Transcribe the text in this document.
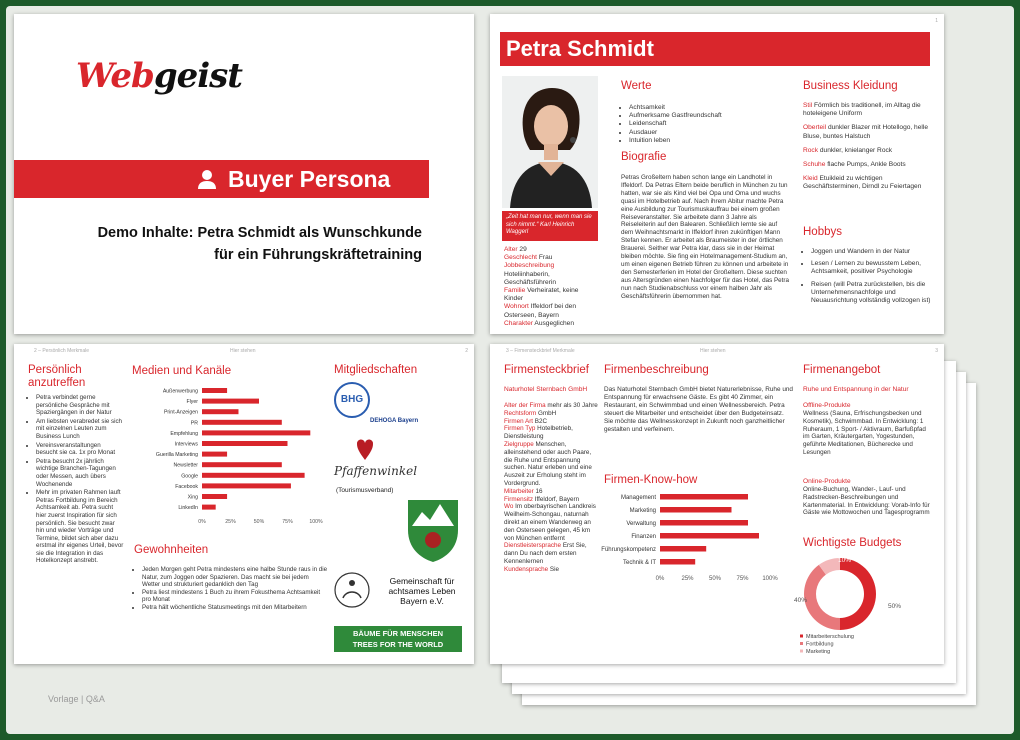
Webgeist
Buyer Persona
Demo Inhalte: Petra Schmidt als Wunschkunde
für ein Führungskräftetraining
1
Petra Schmidt
„Zeit hat man nur, wenn man sie sich nimmt.“ Karl Heinrich Waggerl
Alter 29
Geschlecht Frau
Jobbeschreibung Hoteliinhaberin, Geschäftsführerin
Familie Verheiratet, keine Kinder
Wohnort Iffeldorf bei den Osterseen, Bayern
Charakter Ausgeglichen
Werte
• Achtsamkeit
• Aufmerksame Gastfreundschaft
• Leidenschaft
• Ausdauer
• Intuition leben
Biografie
Petras Großeltern haben schon lange ein Landhotel in Iffeldorf. Da Petras Eltern beide beruflich in München zu tun hatten, war sie als Kind viel bei Opa und Oma und wuchs quasi im Hotelbetrieb auf. Nach ihrem Abitur machte Petra eine Ausbildung zur Tourismuskauffrau bei einem großen Reiseveranstalter. Sie arbeitete dann 3 Jahre als Reiseleiterin auf den Balearen. Schließlich lernte sie auf dem Weihnachtsmarkt in Iffeldorf ihren zukünftigen Mann Stefan kennen. Er arbeitet als Braumeister in der örtlichen Brauerei. Seither war Petra klar, dass sie in der Heimat bleiben möchte. Sie fing ein Hotelmanagement-Studium an, um einen eigenen Betrieb führen zu können und arbeitete in den Semesterferien im Hotel der Großeltern. Diese suchten aus Altersgründen einen Nachfolger für das Hotel, das Petra nun nach Studienabschluss vor einem halben Jahr als Geschäftsführerin übernommen hat.
Business Kleidung
Stil Förmlich bis traditionell, im Alltag die hoteleigene Uniform
Oberteil dunkler Blazer mit Hotellogo, helle Bluse, buntes Halstuch
Rock dunkler, knielanger Rock
Schuhe flache Pumps, Ankle Boots
Kleid Etuikleid zu wichtigen Geschäftsterminen, Dirndl zu Feiertagen
Hobbys
• Joggen und Wandern in der Natur
• Lesen / Lernen zu bewusstem Leben, Achtsamkeit, positiver Psychologie
• Reisen (will Petra zurückstellen, bis die Unternehmensnachfolge und Neuausrichtung vollständig vollzogen ist)
2 – Persönlich Merkmale	Hier stehen	2
Persönlich anzutreffen
• Petra verbindet gerne persönliche Gespräche mit Spaziergängen in der Natur
• Am liebsten verabredet sie sich mit einzelnen Leuten zum Business Lunch
• Vereinsveranstaltungen besucht sie ca. 1x pro Monat
• Petra besucht 2x jährlich wichtige Branchen-Tagungen oder Messen, auch übers Wochenende
• Mehr im privaten Rahmen lauft Petras Fortbildung im Bereich Achtsamkeit ab. Petra sucht hier zuerst Inspiration für sich persönlich. Sie besucht zwar hin und wieder Vorträge und Termine, bildet sich aber dazu erstmal ihr eigenes Urteil, bevor sie die Integration in das Hotelkonzept anstrebt.
Medien und Kanäle
Außenwerbung
Flyer
Print-Anzeigen
PR
Empfehlung
Interviews
Guerilla Marketing
Newsletter
Google
Facebook
Xing
LinkedIn
0%	25%	50%	75%	100%
Gewohnheiten
• Jeden Morgen geht Petra mindestens eine halbe Stunde raus in die Natur, zum Joggen oder Spazieren. Das macht sie bei jedem Wetter und strukturiert gedanklich den Tag
• Petra liest mindestens 1 Buch zu ihrem Fokusthema Achtsamkeit pro Monat
• Petra hält wöchentliche Statusmeetings mit den Mitarbeitern
Mitgliedschaften
BHG
DEHOGA Bayern
Pfaffenwinkel
(Tourismusverband)
Gemeinschaft für achtsames Leben Bayern e.V.
BÄUME FÜR MENSCHEN
TREES FOR THE WORLD
3 – Firmensteckbrief Merkmale	Hier stehen	3
Firmensteckbrief
Naturhotel Sternbach GmbH
Alter der Firma mehr als 30 Jahre
Rechtsform GmbH
Firmen Art B2C
Firmen Typ Hotelbetrieb, Dienstleistung
Zielgruppe Menschen, alleinstehend oder auch Paare, die Ruhe und Entspannung suchen. Natur erleben und eine Auszeit zur Erholung steht im Vordergrund.
Mitarbeiter 16
Firmensitz Iffeldorf, Bayern
Wo Im oberbayrischen Landkreis Weilheim-Schongau, naturnah direkt an einem Wanderweg an den Osterseen gelegen, 45 km von München entfernt
Dienstleistersprache Erst Sie, dann Du nach dem ersten Kennenlernen
Kundensprache Sie
Firmenbeschreibung
Das Naturhotel Sternbach GmbH bietet Naturerlebnisse, Ruhe und Entspannung für erwachsene Gäste. Es gibt 40 Zimmer, ein Restaurant, ein Schwimmbad und einen Wellnessbereich. Petra steuert die Mitarbeiter und entscheidet über den Budgeteinsatz. Sie möchte das Wellnesskonzept in Zukunft noch ganzheitlicher gestalten und verfeinern.
Firmen-Know-how
Management
Marketing
Verwaltung
Finanzen
Führungskompetenz
Technik & IT
0%	25%	50%	75% 100%
Firmenangebot
Ruhe und Entspannung in der Natur
Offline-Produkte
Wellness (Sauna, Erfrischungsbecken und Kosmetik), Schwimmbad. In Entwicklung: 1 Ruheraum, 1 Sport- / Aktivraum, Barfußpfad im Garten, Kräutergarten, Yogestunden, geführte Meditationen, Bücherecke und Lesungen
Online-Produkte
Online-Buchung, Wander-, Lauf- und Radstrecken-Beschreibungen und Kartenmaterial. In Entwicklung: Vorab-Info für Gäste wie Mottowochen und Tagesprogramm
Wichtigste Budgets
50%
40%
10%
Mitarbeiterschulung
Fortbildung
Marketing
Vorlage | Q&A
